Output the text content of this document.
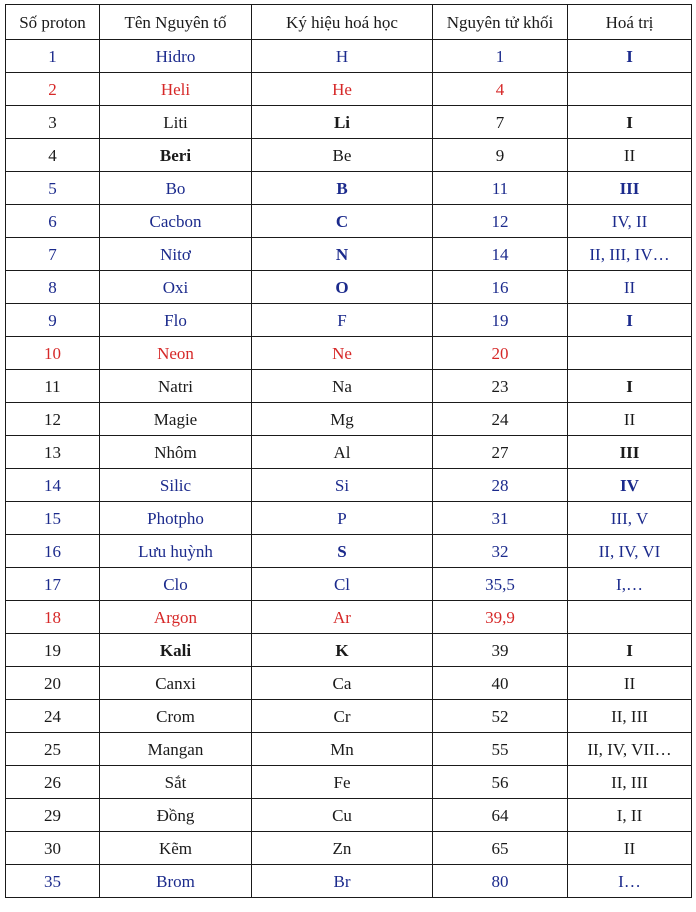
Số proton	Tên Nguyên tố	Ký hiệu hoá học	Nguyên tử khối	Hoá trị
1	Hidro	H	1	I
2	Heli	He	4	
3	Liti	Li	7	I
4	Beri	Be	9	II
5	Bo	B	11	III
6	Cacbon	C	12	IV, II
7	Nitơ	N	14	II, III, IV…
8	Oxi	O	16	II
9	Flo	F	19	I
10	Neon	Ne	20	
11	Natri	Na	23	I
12	Magie	Mg	24	II
13	Nhôm	Al	27	III
14	Silic	Si	28	IV
15	Photpho	P	31	III, V
16	Lưu huỳnh	S	32	II, IV, VI
17	Clo	Cl	35,5	I,…
18	Argon	Ar	39,9	
19	Kali	K	39	I
20	Canxi	Ca	40	II
24	Crom	Cr	52	II, III
25	Mangan	Mn	55	II, IV, VII…
26	Sắt	Fe	56	II, III
29	Đồng	Cu	64	I, II
30	Kẽm	Zn	65	II
35	Brom	Br	80	I…
